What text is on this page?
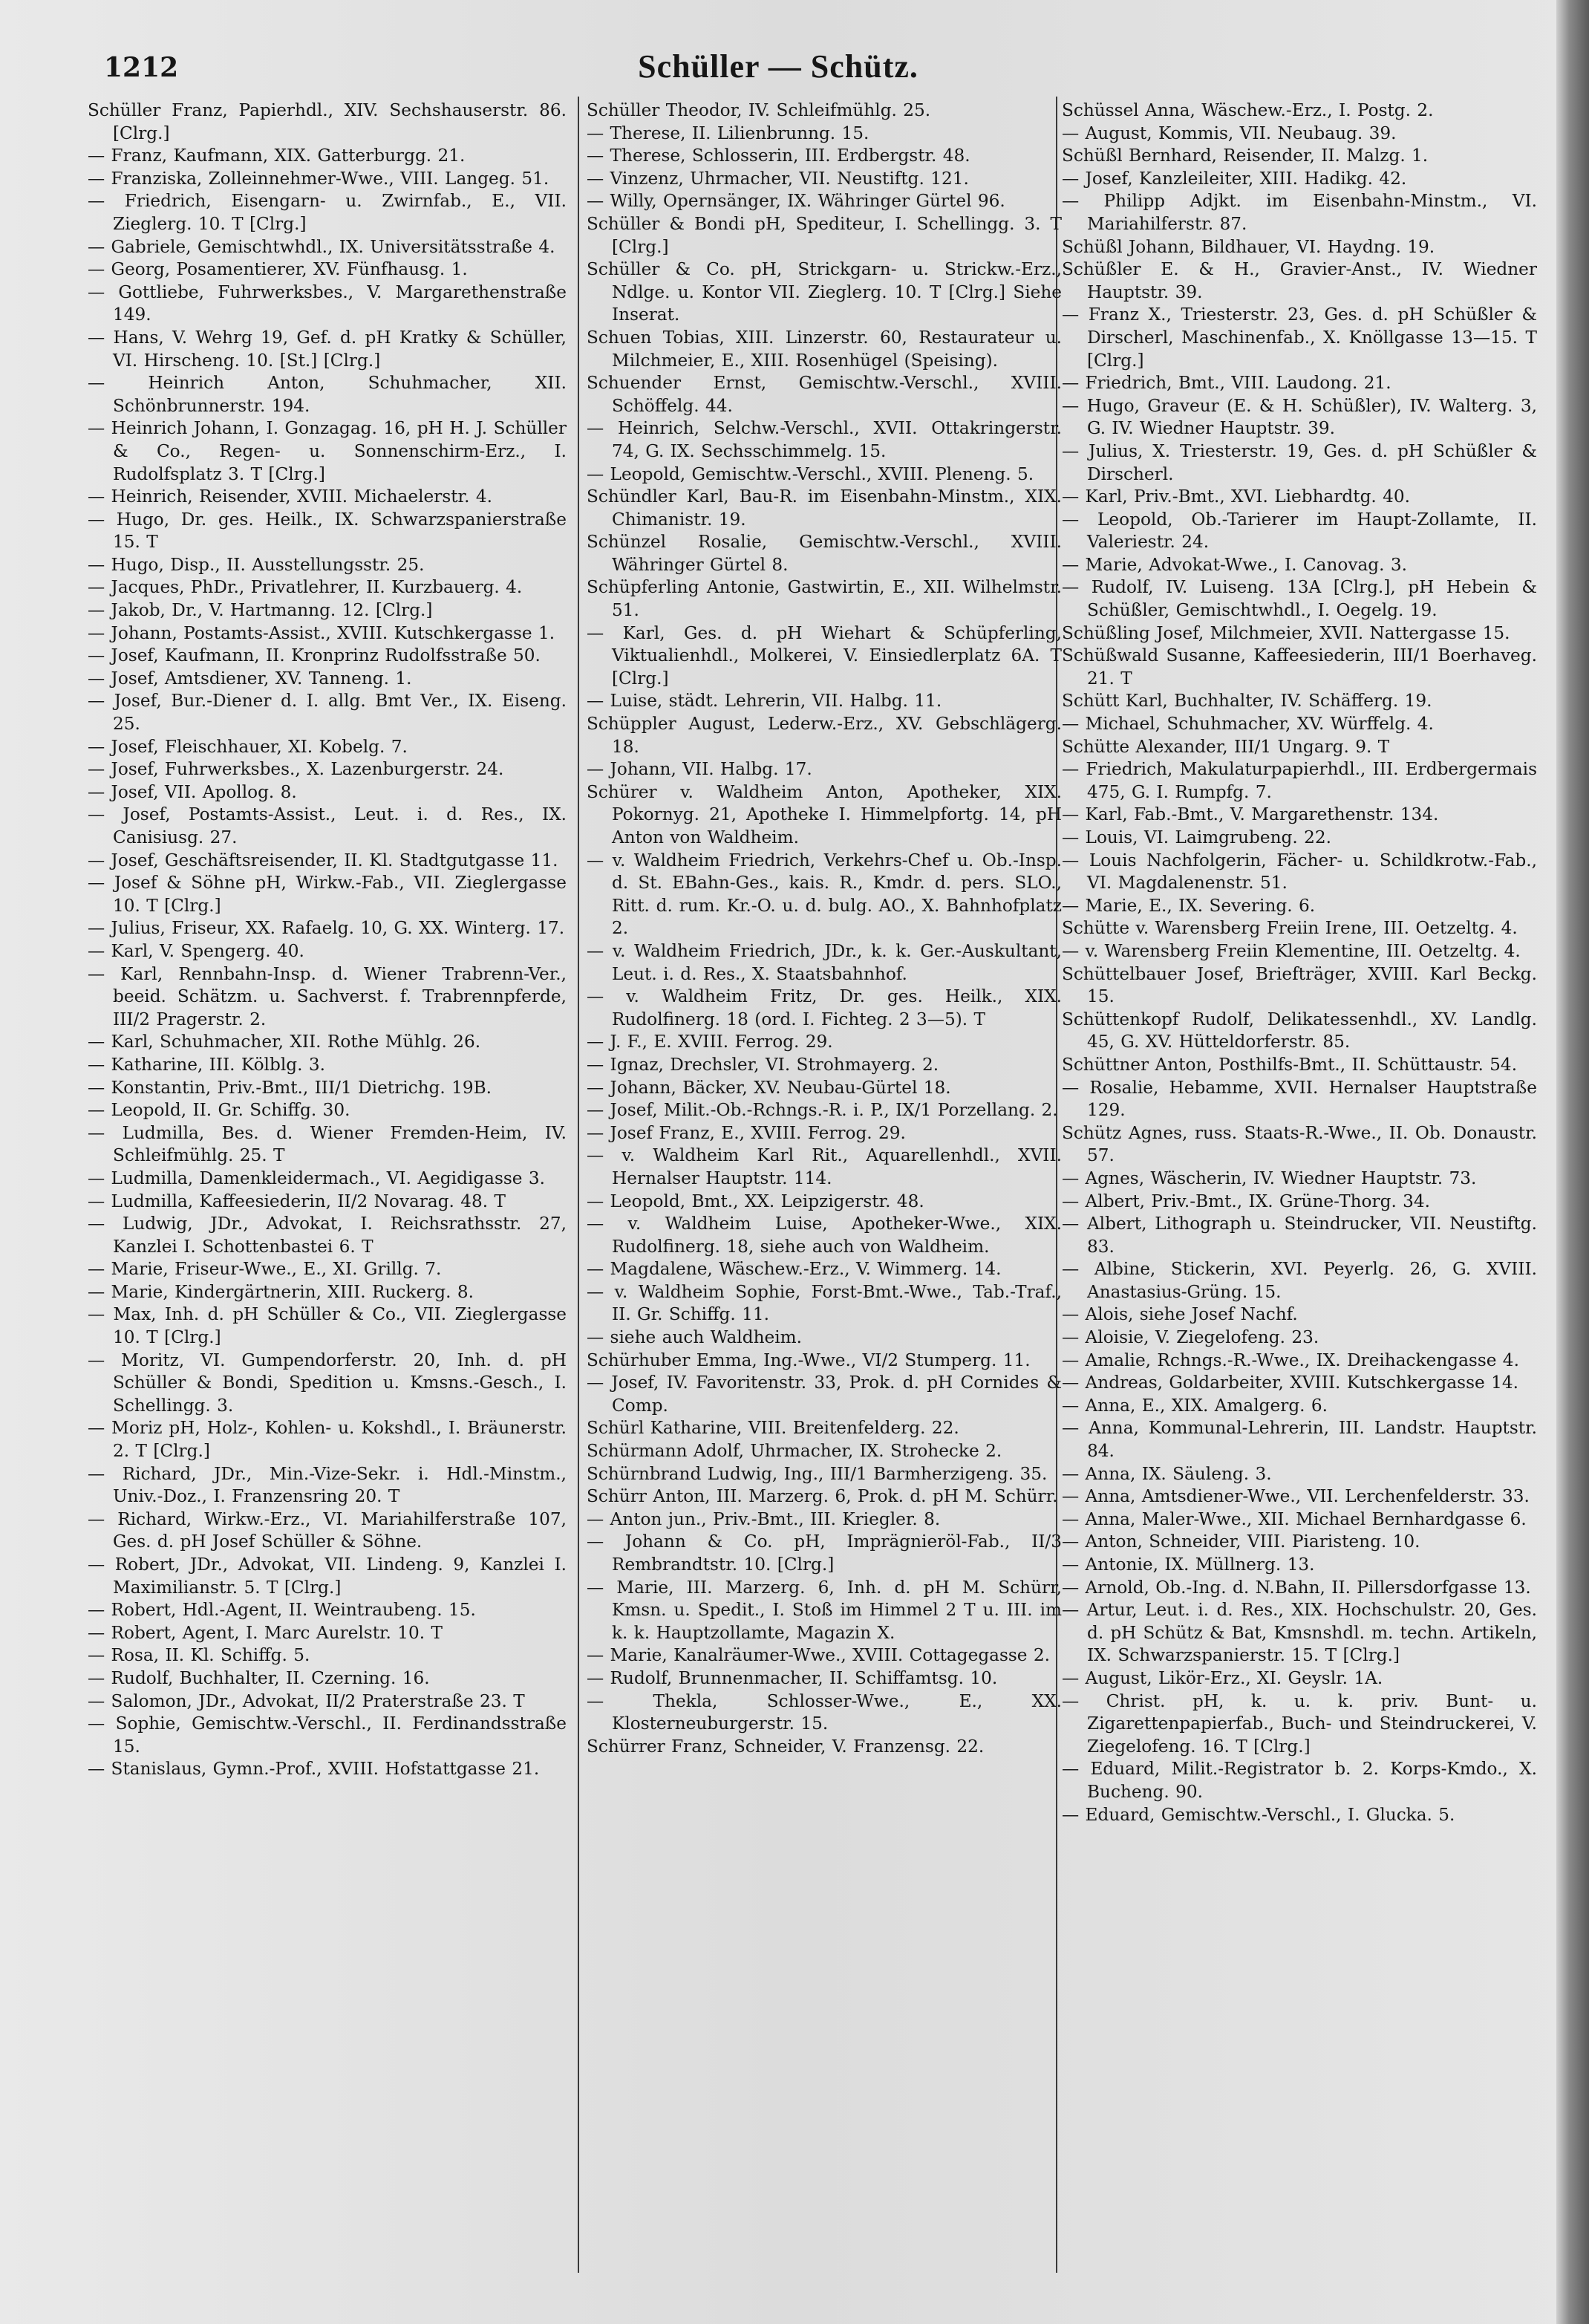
1212	Schüller — Schütz.
Schüller Franz, Papierhdl., XIV. Sechshauserstr. 86. [Clrg.]
— Franz, Kaufmann, XIX. Gatterburgg. 21.
— Franziska, Zolleinnehmer-Wwe., VIII. Langeg. 51.
— Friedrich, Eisengarn- u. Zwirnfab., E., VII. Zieglerg. 10. T [Clrg.]
— Gabriele, Gemischtwhdl., IX. Universitätsstraße 4.
— Georg, Posamentierer, XV. Fünfhausg. 1.
— Gottliebe, Fuhrwerksbes., V. Margarethenstraße 149.
— Hans, V. Wehrg 19, Gef. d. pH Kratky & Schüller, VI. Hirscheng. 10. [St.] [Clrg.]
— Heinrich Anton, Schuhmacher, XII. Schönbrunnerstr. 194.
— Heinrich Johann, I. Gonzagag. 16, pH H. J. Schüller & Co., Regen- u. Sonnenschirm-Erz., I. Rudolfsplatz 3. T [Clrg.]
— Heinrich, Reisender, XVIII. Michaelerstr. 4.
— Hugo, Dr. ges. Heilk., IX. Schwarzspanierstraße 15. T
— Hugo, Disp., II. Ausstellungsstr. 25.
— Jacques, PhDr., Privatlehrer, II. Kurzbauerg. 4.
— Jakob, Dr., V. Hartmanng. 12. [Clrg.]
— Johann, Postamts-Assist., XVIII. Kutschkergasse 1.
— Josef, Kaufmann, II. Kronprinz Rudolfsstraße 50.
— Josef, Amtsdiener, XV. Tanneng. 1.
— Josef, Bur.-Diener d. I. allg. Bmt Ver., IX. Eiseng. 25.
— Josef, Fleischhauer, XI. Kobelg. 7.
— Josef, Fuhrwerksbes., X. Lazenburgerstr. 24.
— Josef, VII. Apollog. 8.
— Josef, Postamts-Assist., Leut. i. d. Res., IX. Canisiusg. 27.
— Josef, Geschäftsreisender, II. Kl. Stadtgutgasse 11.
— Josef & Söhne pH, Wirkw.-Fab., VII. Zieglergasse 10. T [Clrg.]
— Julius, Friseur, XX. Rafaelg. 10, G. XX. Winterg. 17.
— Karl, V. Spengerg. 40.
— Karl, Rennbahn-Insp. d. Wiener Trabrenn-Ver., beeid. Schätzm. u. Sachverst. f. Trabrennpferde, III/2 Pragerstr. 2.
— Karl, Schuhmacher, XII. Rothe Mühlg. 26.
— Katharine, III. Kölblg. 3.
— Konstantin, Priv.-Bmt., III/1 Dietrichg. 19B.
— Leopold, II. Gr. Schiffg. 30.
— Ludmilla, Bes. d. Wiener Fremden-Heim, IV. Schleifmühlg. 25. T
— Ludmilla, Damenkleidermach., VI. Aegidigasse 3.
— Ludmilla, Kaffeesiederin, II/2 Novarag. 48. T
— Ludwig, JDr., Advokat, I. Reichsrathsstr. 27, Kanzlei I. Schottenbastei 6. T
— Marie, Friseur-Wwe., E., XI. Grillg. 7.
— Marie, Kindergärtnerin, XIII. Ruckerg. 8.
— Max, Inh. d. pH Schüller & Co., VII. Zieglergasse 10. T [Clrg.]
— Moritz, VI. Gumpendorferstr. 20, Inh. d. pH Schüller & Bondi, Spedition u. Kmsns.-Gesch., I. Schellingg. 3.
— Moriz pH, Holz-, Kohlen- u. Kokshdl., I. Bräunerstr. 2. T [Clrg.]
— Richard, JDr., Min.-Vize-Sekr. i. Hdl.-Minstm., Univ.-Doz., I. Franzensring 20. T
— Richard, Wirkw.-Erz., VI. Mariahilferstraße 107, Ges. d. pH Josef Schüller & Söhne.
— Robert, JDr., Advokat, VII. Lindeng. 9, Kanzlei I. Maximilianstr. 5. T [Clrg.]
— Robert, Hdl.-Agent, II. Weintraubeng. 15.
— Robert, Agent, I. Marc Aurelstr. 10. T
— Rosa, II. Kl. Schiffg. 5.
— Rudolf, Buchhalter, II. Czerning. 16.
— Salomon, JDr., Advokat, II/2 Praterstraße 23. T
— Sophie, Gemischtw.-Verschl., II. Ferdinandsstraße 15.
— Stanislaus, Gymn.-Prof., XVIII. Hofstattgasse 21.
Schüller Theodor, IV. Schleifmühlg. 25.
— Therese, II. Lilienbrunng. 15.
— Therese, Schlosserin, III. Erdbergstr. 48.
— Vinzenz, Uhrmacher, VII. Neustiftg. 121.
— Willy, Opernsänger, IX. Währinger Gürtel 96.
Schüller & Bondi pH, Spediteur, I. Schellingg. 3. T [Clrg.]
Schüller & Co. pH, Strickgarn- u. Strickw.-Erz., Ndlge. u. Kontor VII. Zieglerg. 10. T [Clrg.] Siehe Inserat.
Schuen Tobias, XIII. Linzerstr. 60, Restaurateur u. Milchmeier, E., XIII. Rosenhügel (Speising).
Schuender Ernst, Gemischtw.-Verschl., XVIII. Schöffelg. 44.
— Heinrich, Selchw.-Verschl., XVII. Ottakringerstr. 74, G. IX. Sechsschimmelg. 15.
— Leopold, Gemischtw.-Verschl., XVIII. Pleneng. 5.
Schündler Karl, Bau-R. im Eisenbahn-Minstm., XIX. Chimanistr. 19.
Schünzel Rosalie, Gemischtw.-Verschl., XVIII. Währinger Gürtel 8.
Schüpferling Antonie, Gastwirtin, E., XII. Wilhelmstr. 51.
— Karl, Ges. d. pH Wiehart & Schüpferling, Viktualienhdl., Molkerei, V. Einsiedlerplatz 6A. T [Clrg.]
— Luise, städt. Lehrerin, VII. Halbg. 11.
Schüppler August, Lederw.-Erz., XV. Gebschlägerg. 18.
— Johann, VII. Halbg. 17.
Schürer v. Waldheim Anton, Apotheker, XIX. Pokornyg. 21, Apotheke I. Himmelpfortg. 14, pH Anton von Waldheim.
— v. Waldheim Friedrich, Verkehrs-Chef u. Ob.-Insp. d. St. EBahn-Ges., kais. R., Kmdr. d. pers. SLO., Ritt. d. rum. Kr.-O. u. d. bulg. AO., X. Bahnhofplatz 2.
— v. Waldheim Friedrich, JDr., k. k. Ger.-Auskultant, Leut. i. d. Res., X. Staatsbahnhof.
— v. Waldheim Fritz, Dr. ges. Heilk., XIX. Rudolfinerg. 18 (ord. I. Fichteg. 2 3—5). T
— J. F., E. XVIII. Ferrog. 29.
— Ignaz, Drechsler, VI. Strohmayerg. 2.
— Johann, Bäcker, XV. Neubau-Gürtel 18.
— Josef, Milit.-Ob.-Rchngs.-R. i. P., IX/1 Porzellang. 2.
— Josef Franz, E., XVIII. Ferrog. 29.
— v. Waldheim Karl Rit., Aquarellenhdl., XVII. Hernalser Hauptstr. 114.
— Leopold, Bmt., XX. Leipzigerstr. 48.
— v. Waldheim Luise, Apotheker-Wwe., XIX. Rudolfinerg. 18, siehe auch von Waldheim.
— Magdalene, Wäschew.-Erz., V. Wimmerg. 14.
— v. Waldheim Sophie, Forst-Bmt.-Wwe., Tab.-Traf., II. Gr. Schiffg. 11.
— siehe auch Waldheim.
Schürhuber Emma, Ing.-Wwe., VI/2 Stumperg. 11.
— Josef, IV. Favoritenstr. 33, Prok. d. pH Cornides & Comp.
Schürl Katharine, VIII. Breitenfelderg. 22.
Schürmann Adolf, Uhrmacher, IX. Strohecke 2.
Schürnbrand Ludwig, Ing., III/1 Barmherzigeng. 35.
Schürr Anton, III. Marzerg. 6, Prok. d. pH M. Schürr.
— Anton jun., Priv.-Bmt., III. Kriegler. 8.
— Johann & Co. pH, Imprägnieröl-Fab., II/3 Rembrandtstr. 10. [Clrg.]
— Marie, III. Marzerg. 6, Inh. d. pH M. Schürr, Kmsn. u. Spedit., I. Stoß im Himmel 2 T u. III. im k. k. Hauptzollamte, Magazin X.
— Marie, Kanalräumer-Wwe., XVIII. Cottagegasse 2.
— Rudolf, Brunnenmacher, II. Schiffamtsg. 10.
— Thekla, Schlosser-Wwe., E., XX. Klosterneuburgerstr. 15.
Schürrer Franz, Schneider, V. Franzensg. 22.
Schüssel Anna, Wäschew.-Erz., I. Postg. 2.
— August, Kommis, VII. Neubaug. 39.
Schüßl Bernhard, Reisender, II. Malzg. 1.
— Josef, Kanzleileiter, XIII. Hadikg. 42.
— Philipp Adjkt. im Eisenbahn-Minstm., VI. Mariahilferstr. 87.
Schüßl Johann, Bildhauer, VI. Haydng. 19.
Schüßler E. & H., Gravier-Anst., IV. Wiedner Hauptstr. 39.
— Franz X., Triesterstr. 23, Ges. d. pH Schüßler & Dirscherl, Maschinenfab., X. Knöllgasse 13—15. T [Clrg.]
— Friedrich, Bmt., VIII. Laudong. 21.
— Hugo, Graveur (E. & H. Schüßler), IV. Walterg. 3, G. IV. Wiedner Hauptstr. 39.
— Julius, X. Triesterstr. 19, Ges. d. pH Schüßler & Dirscherl.
— Karl, Priv.-Bmt., XVI. Liebhardtg. 40.
— Leopold, Ob.-Tarierer im Haupt-Zollamte, II. Valeriestr. 24.
— Marie, Advokat-Wwe., I. Canovag. 3.
— Rudolf, IV. Luiseng. 13A [Clrg.], pH Hebein & Schüßler, Gemischtwhdl., I. Oegelg. 19.
Schüßling Josef, Milchmeier, XVII. Nattergasse 15.
Schüßwald Susanne, Kaffeesiederin, III/1 Boerhaveg. 21. T
Schütt Karl, Buchhalter, IV. Schäfferg. 19.
— Michael, Schuhmacher, XV. Würffelg. 4.
Schütte Alexander, III/1 Ungarg. 9. T
— Friedrich, Makulaturpapierhdl., III. Erdbergermais 475, G. I. Rumpfg. 7.
— Karl, Fab.-Bmt., V. Margarethenstr. 134.
— Louis, VI. Laimgrubeng. 22.
— Louis Nachfolgerin, Fächer- u. Schildkrotw.-Fab., VI. Magdalenenstr. 51.
— Marie, E., IX. Severing. 6.
Schütte v. Warensberg Freiin Irene, III. Oetzeltg. 4.
— v. Warensberg Freiin Klementine, III. Oetzeltg. 4.
Schüttelbauer Josef, Briefträger, XVIII. Karl Beckg. 15.
Schüttenkopf Rudolf, Delikatessenhdl., XV. Landlg. 45, G. XV. Hütteldorferstr. 85.
Schüttner Anton, Posthilfs-Bmt., II. Schüttaustr. 54.
— Rosalie, Hebamme, XVII. Hernalser Hauptstraße 129.
Schütz Agnes, russ. Staats-R.-Wwe., II. Ob. Donaustr. 57.
— Agnes, Wäscherin, IV. Wiedner Hauptstr. 73.
— Albert, Priv.-Bmt., IX. Grüne-Thorg. 34.
— Albert, Lithograph u. Steindrucker, VII. Neustiftg. 83.
— Albine, Stickerin, XVI. Peyerlg. 26, G. XVIII. Anastasius-Grüng. 15.
— Alois, siehe Josef Nachf.
— Aloisie, V. Ziegelofeng. 23.
— Amalie, Rchngs.-R.-Wwe., IX. Dreihackengasse 4.
— Andreas, Goldarbeiter, XVIII. Kutschkergasse 14.
— Anna, E., XIX. Amalgerg. 6.
— Anna, Kommunal-Lehrerin, III. Landstr. Hauptstr. 84.
— Anna, IX. Säuleng. 3.
— Anna, Amtsdiener-Wwe., VII. Lerchenfelderstr. 33.
— Anna, Maler-Wwe., XII. Michael Bernhardgasse 6.
— Anton, Schneider, VIII. Piaristeng. 10.
— Antonie, IX. Müllnerg. 13.
— Arnold, Ob.-Ing. d. N.Bahn, II. Pillersdorfgasse 13.
— Artur, Leut. i. d. Res., XIX. Hochschulstr. 20, Ges. d. pH Schütz & Bat, Kmsnshdl. m. techn. Artikeln, IX. Schwarzspanierstr. 15. T [Clrg.]
— August, Likör-Erz., XI. Geyslr. 1A.
— Christ. pH, k. u. k. priv. Bunt- u. Zigarettenpapierfab., Buch- und Steindruckerei, V. Ziegelofeng. 16. T [Clrg.]
— Eduard, Milit.-Registrator b. 2. Korps-Kmdo., X. Bucheng. 90.
— Eduard, Gemischtw.-Verschl., I. Glucka. 5.
